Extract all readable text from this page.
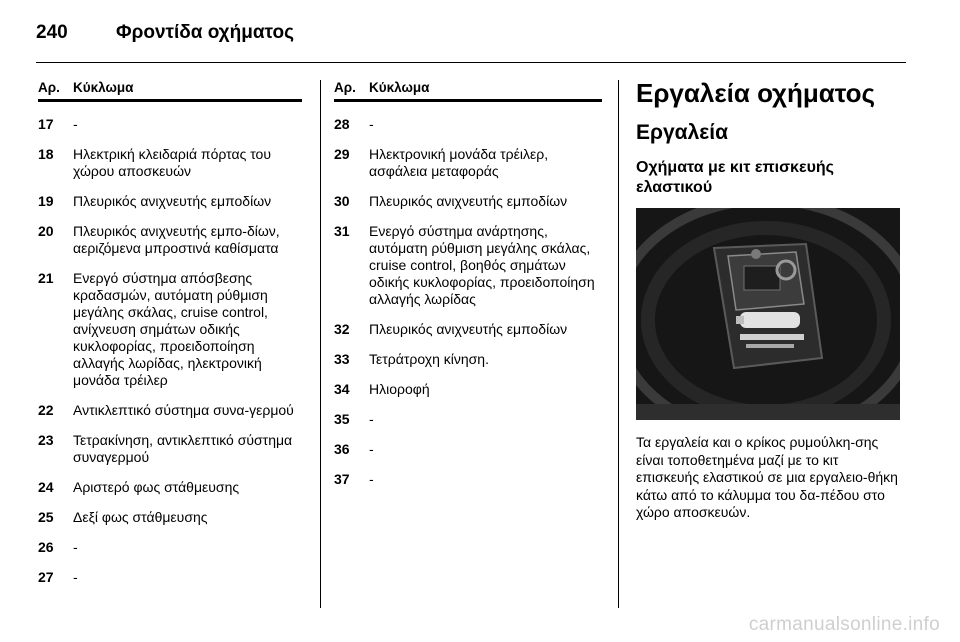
240	Φροντίδα οχήματος
Αρ. Κύκλωμα
17	-
18	Ηλεκτρική κλειδαριά πόρτας του χώρου αποσκευών
19	Πλευρικός ανιχνευτής εμποδίων
20	Πλευρικός ανιχνευτής εμπο-δίων, αεριζόμενα μπροστινά καθίσματα
21	Ενεργό σύστημα απόσβεσης κραδασμών, αυτόματη ρύθμιση μεγάλης σκάλας, cruise control, ανίχνευση σημάτων οδικής κυκλοφορίας, προειδοποίηση αλλαγής λωρίδας, ηλεκτρονική μονάδα τρέιλερ
22	Αντικλεπτικό σύστημα συνα-γερμού
23	Τετρακίνηση, αντικλεπτικό σύστημα συναγερμού
24	Αριστερό φως στάθμευσης
25	Δεξί φως στάθμευσης
26	-
27	-
Αρ. Κύκλωμα
28	-
29	Ηλεκτρονική μονάδα τρέιλερ, ασφάλεια μεταφοράς
30	Πλευρικός ανιχνευτής εμποδίων
31	Ενεργό σύστημα ανάρτησης, αυτόματη ρύθμιση μεγάλης σκάλας, cruise control, βοηθός σημάτων οδικής κυκλοφορίας, προειδοποίηση αλλαγής λωρίδας
32	Πλευρικός ανιχνευτής εμποδίων
33	Τετράτροχη κίνηση.
34	Ηλιοροφή
35	-
36	-
37	-
Εργαλεία οχήματος
Εργαλεία
Οχήματα με κιτ επισκευής ελαστικού
Τα εργαλεία και ο κρίκος ρυμούλκη-σης είναι τοποθετημένα μαζί με το κιτ επισκευής ελαστικού σε μια εργαλειο-θήκη κάτω από το κάλυμμα του δα-πέδου στο χώρο αποσκευών.
carmanualsonline.info
